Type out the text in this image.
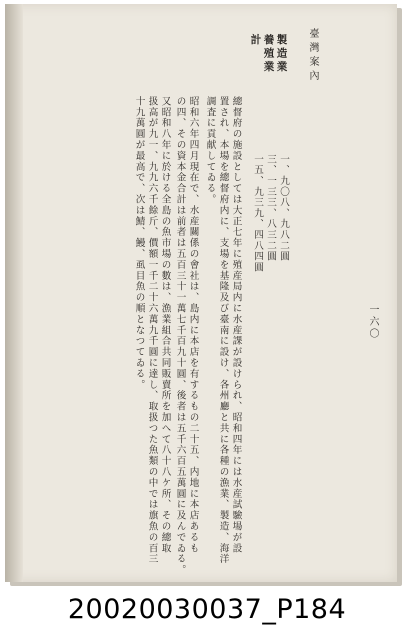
臺灣案內
一六〇
製造業
養殖業
計
一、九〇八、九八二圓
三、一三三、八三二圓
一五、九三九、四八四圓
總督府の施設としては大正七年に殖産局内に水産課が設けられ、昭和四年には水産試驗場が設
置され、本場を總督府内に、支場を基隆及び臺南に設け、各州廳と共に各種の漁業、製造、海洋
調査に貢献してゐる。
昭和六年四月現在で、水産關係の會社は、島内に本店を有するもの二十五、内地に本店あるも
の四、その資本金合計は前者は五百三十一萬七千百九十圓、後者は五千六百五萬圓に及んでゐる。
又昭和八年に於ける全島の魚市場の數は、漁業組合共同販賣所を加へて八十八ケ所、その總取
扱高が九一、九九六千餘斤、價額一千二十六萬九千圓に達し、取扱つた魚類の中では旗魚の百三
十九萬圓が最高で、次は鯖、鰻、虱目魚の順となつてゐる。
20020030037_P184
